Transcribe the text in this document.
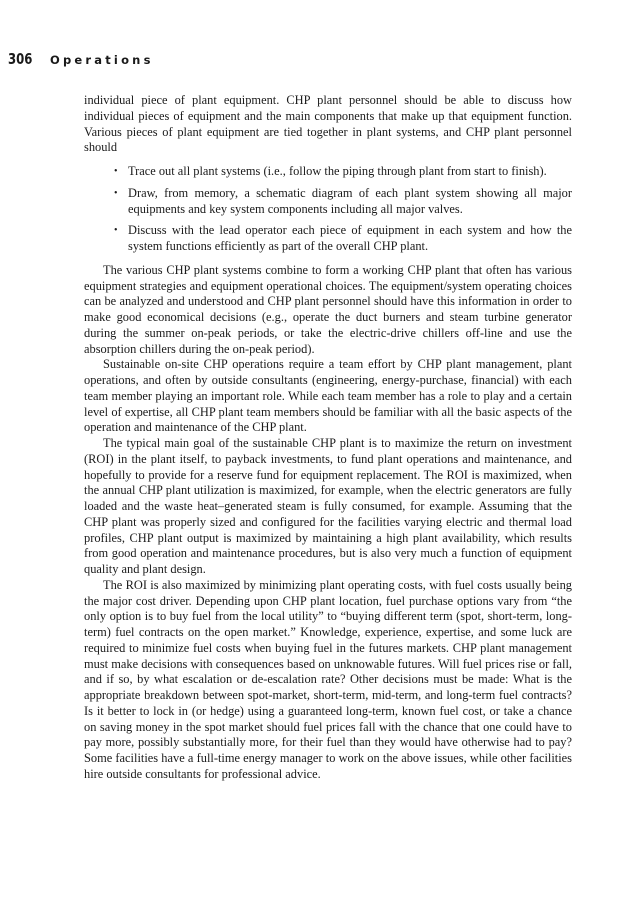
306 Operations

individual piece of plant equipment. CHP plant personnel should be able to discuss how individual pieces of equipment and the main components that make up that equipment function. Various pieces of plant equipment are tied together in plant systems, and CHP plant personnel should

• Trace out all plant systems (i.e., follow the piping through plant from start to finish).
• Draw, from memory, a schematic diagram of each plant system showing all major equipments and key system components including all major valves.
• Discuss with the lead operator each piece of equipment in each system and how the system functions efficiently as part of the overall CHP plant.

The various CHP plant systems combine to form a working CHP plant that often has various equipment strategies and equipment operational choices. The equipment/system operating choices can be analyzed and understood and CHP plant personnel should have this information in order to make good economical decisions (e.g., operate the duct burners and steam turbine generator during the summer on-peak periods, or take the electric-drive chillers off-line and use the absorption chillers during the on-peak period).

Sustainable on-site CHP operations require a team effort by CHP plant management, plant operations, and often by outside consultants (engineering, energy-purchase, financial) with each team member playing an important role. While each team member has a role to play and a certain level of expertise, all CHP plant team members should be familiar with all the basic aspects of the operation and maintenance of the CHP plant.

The typical main goal of the sustainable CHP plant is to maximize the return on investment (ROI) in the plant itself, to payback investments, to fund plant operations and maintenance, and hopefully to provide for a reserve fund for equipment replacement. The ROI is maximized, when the annual CHP plant utilization is maximized, for example, when the electric generators are fully loaded and the waste heat–generated steam is fully consumed, for example. Assuming that the CHP plant was properly sized and configured for the facilities varying electric and thermal load profiles, CHP plant output is maximized by maintaining a high plant availability, which results from good operation and maintenance procedures, but is also very much a function of equipment quality and plant design.

The ROI is also maximized by minimizing plant operating costs, with fuel costs usually being the major cost driver. Depending upon CHP plant location, fuel purchase options vary from “the only option is to buy fuel from the local utility” to “buying different term (spot, short-term, long-term) fuel contracts on the open market.” Knowledge, experience, expertise, and some luck are required to minimize fuel costs when buying fuel in the futures markets. CHP plant management must make decisions with consequences based on unknowable futures. Will fuel prices rise or fall, and if so, by what escalation or de-escalation rate? Other decisions must be made: What is the appropriate breakdown between spot-market, short-term, mid-term, and long-term fuel contracts? Is it better to lock in (or hedge) using a guaranteed long-term, known fuel cost, or take a chance on saving money in the spot market should fuel prices fall with the chance that one could have to pay more, possibly substantially more, for their fuel than they would have otherwise had to pay? Some facilities have a full-time energy manager to work on the above issues, while other facilities hire outside consultants for professional advice.
